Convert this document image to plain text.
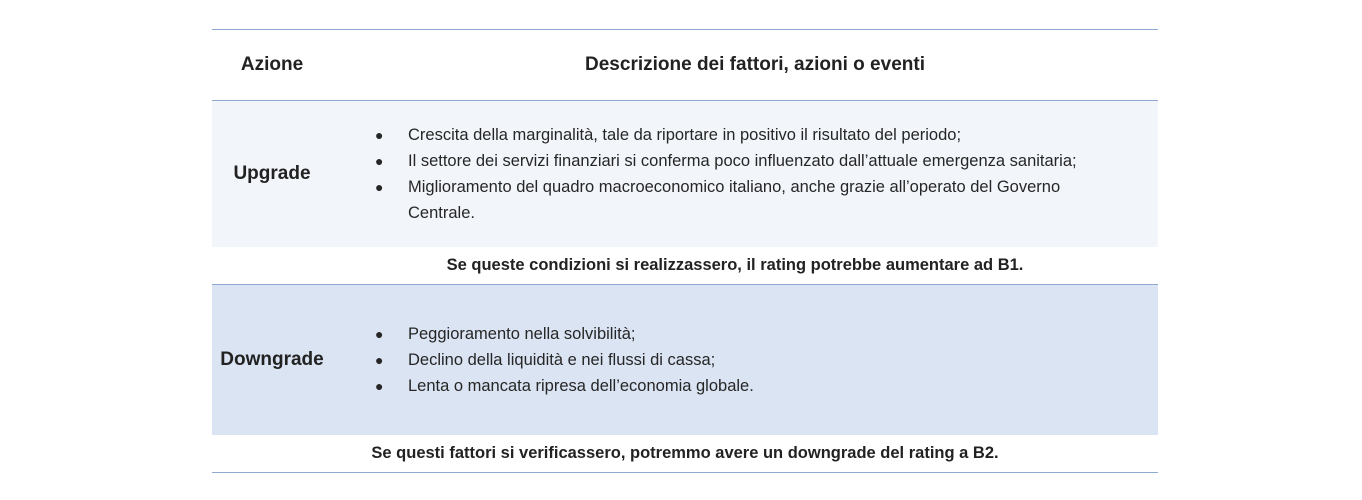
Azione	Descrizione dei fattori, azioni o eventi
Upgrade
● Crescita della marginalità, tale da riportare in positivo il risultato del periodo;
● Il settore dei servizi finanziari si conferma poco influenzato dall’attuale emergenza sanitaria;
● Miglioramento del quadro macroeconomico italiano, anche grazie all’operato del Governo Centrale.
Se queste condizioni si realizzassero, il rating potrebbe aumentare ad B1.
Downgrade
● Peggioramento nella solvibilità;
● Declino della liquidità e nei flussi di cassa;
● Lenta o mancata ripresa dell’economia globale.
Se questi fattori si verificassero, potremmo avere un downgrade del rating a B2.
